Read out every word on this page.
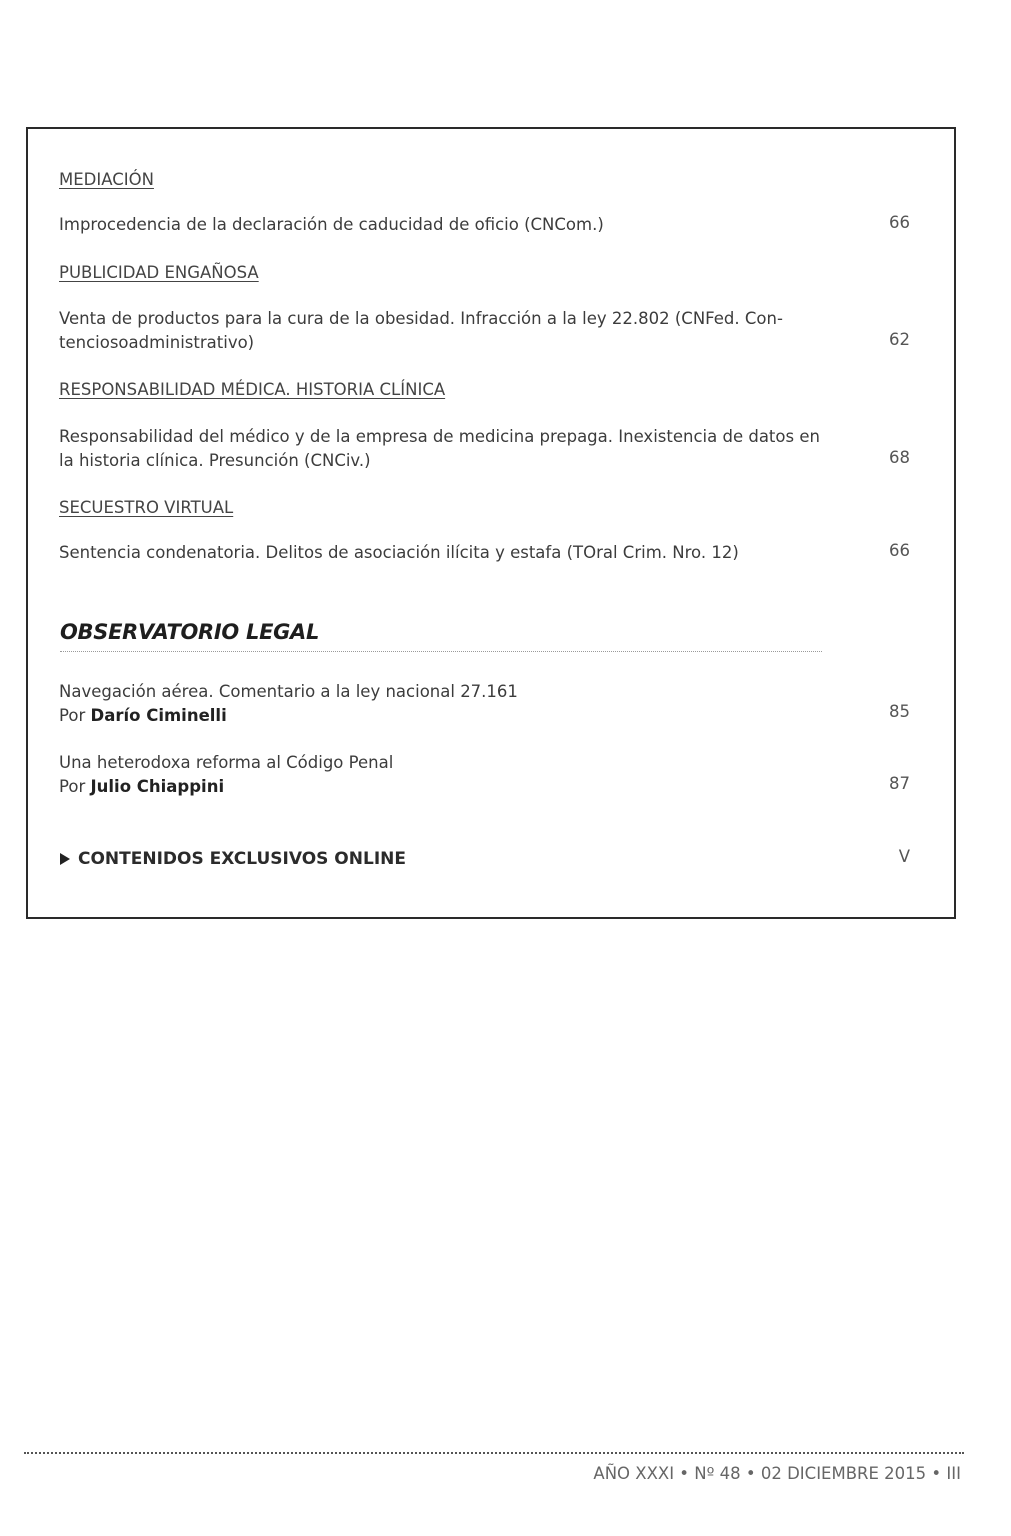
MEDIACIÓN
Improcedencia de la declaración de caducidad de oficio (CNCom.)	66
PUBLICIDAD ENGAÑOSA
Venta de productos para la cura de la obesidad. Infracción a la ley 22.802 (CNFed. Con-tenciosoadministrativo)	62
RESPONSABILIDAD MÉDICA. HISTORIA CLÍNICA
Responsabilidad del médico y de la empresa de medicina prepaga. Inexistencia de datos en la historia clínica. Presunción (CNCiv.)	68
SECUESTRO VIRTUAL
Sentencia condenatoria. Delitos de asociación ilícita y estafa (TOral Crim. Nro. 12)	66
OBSERVATORIO LEGAL
Navegación aérea. Comentario a la ley nacional 27.161
Por Darío Ciminelli	85
Una heterodoxa reforma al Código Penal
Por Julio Chiappini	87
CONTENIDOS EXCLUSIVOS ONLINE	V
AÑO XXXI • Nº 48 • 02 DICIEMBRE 2015 • III
